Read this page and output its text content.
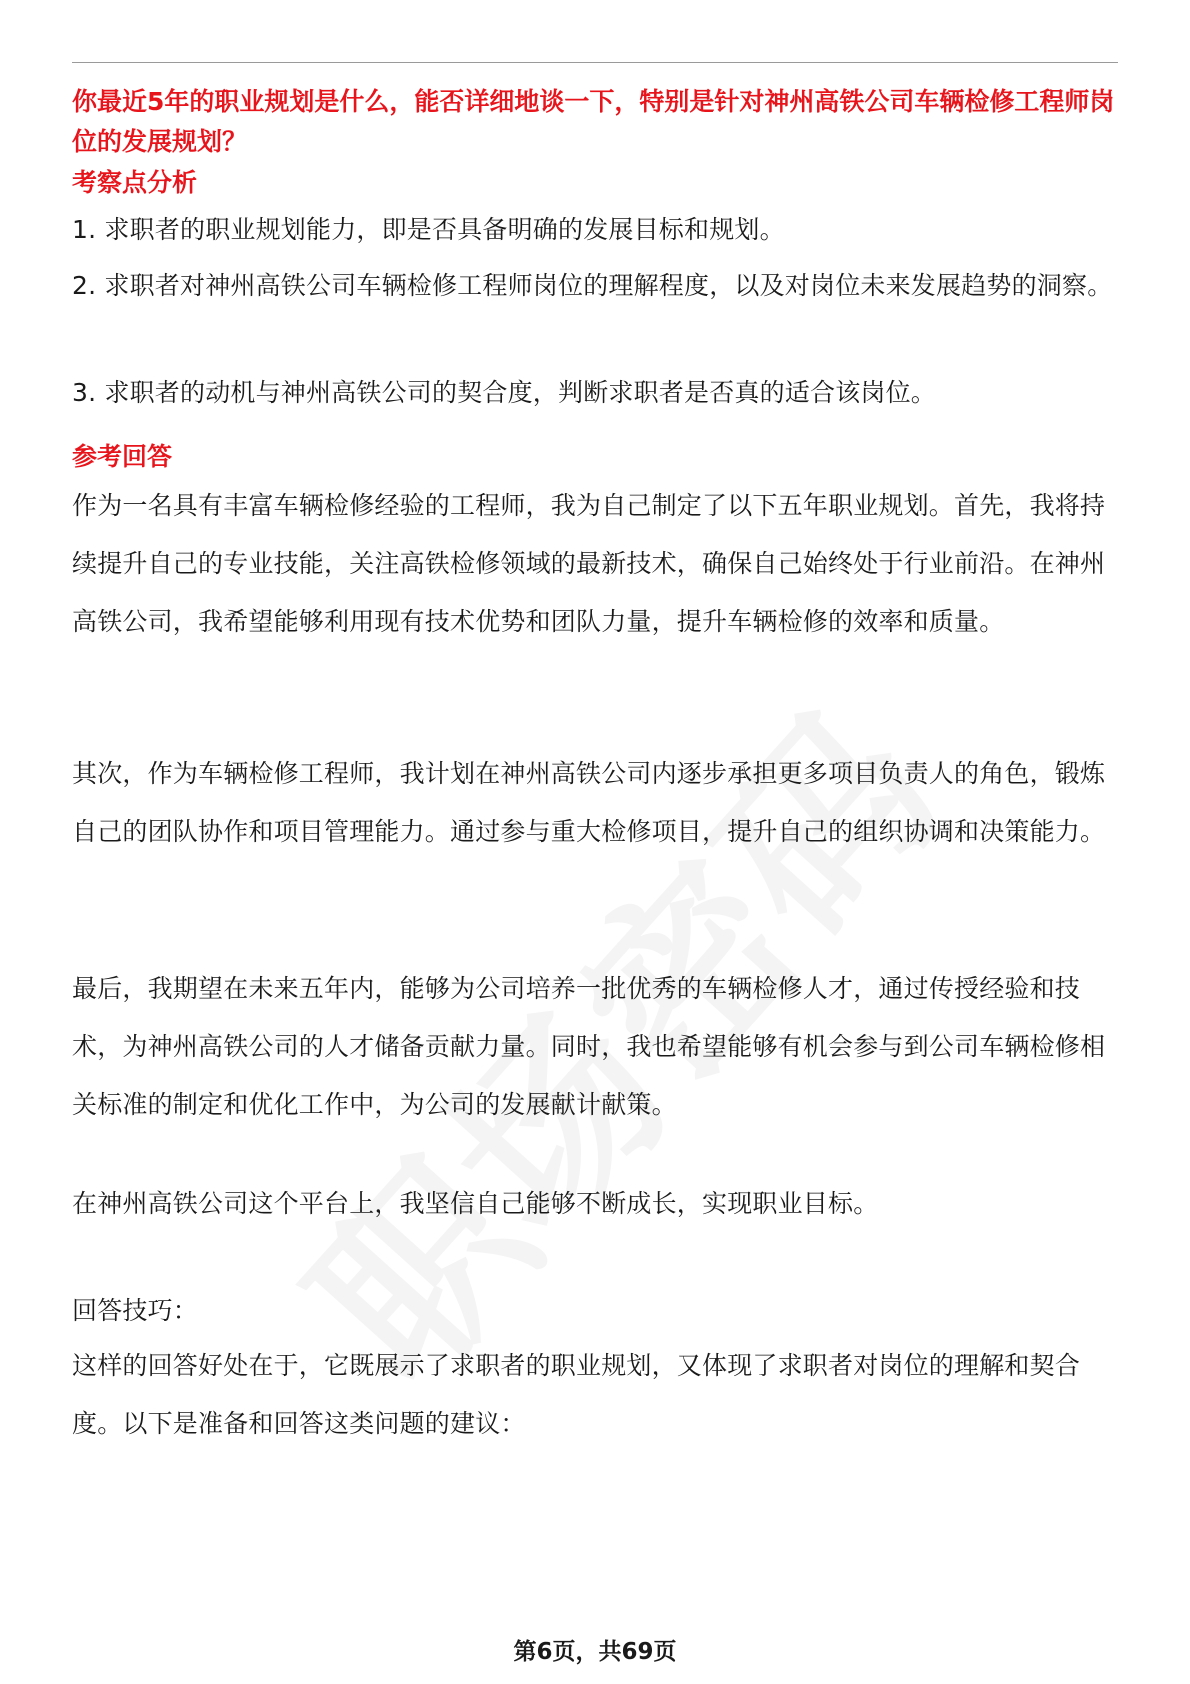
你最近5年的职业规划是什么，能否详细地谈一下，特别是针对神州高铁公司车辆检修工程师岗位的发展规划？

考察点分析

1. 求职者的职业规划能力，即是否具备明确的发展目标和规划。

2. 求职者对神州高铁公司车辆检修工程师岗位的理解程度，以及对岗位未来发展趋势的洞察。

3. 求职者的动机与神州高铁公司的契合度，判断求职者是否真的适合该岗位。

参考回答

作为一名具有丰富车辆检修经验的工程师，我为自己制定了以下五年职业规划。首先，我将持续提升自己的专业技能，关注高铁检修领域的最新技术，确保自己始终处于行业前沿。在神州高铁公司，我希望能够利用现有技术优势和团队力量，提升车辆检修的效率和质量。

其次，作为车辆检修工程师，我计划在神州高铁公司内逐步承担更多项目负责人的角色，锻炼自己的团队协作和项目管理能力。通过参与重大检修项目，提升自己的组织协调和决策能力。

最后，我期望在未来五年内，能够为公司培养一批优秀的车辆检修人才，通过传授经验和技术，为神州高铁公司的人才储备贡献力量。同时，我也希望能够有机会参与到公司车辆检修相关标准的制定和优化工作中，为公司的发展献计献策。

在神州高铁公司这个平台上，我坚信自己能够不断成长，实现职业目标。

回答技巧：

这样的回答好处在于，它既展示了求职者的职业规划，又体现了求职者对岗位的理解和契合度。以下是准备和回答这类问题的建议：

第6页，共69页
